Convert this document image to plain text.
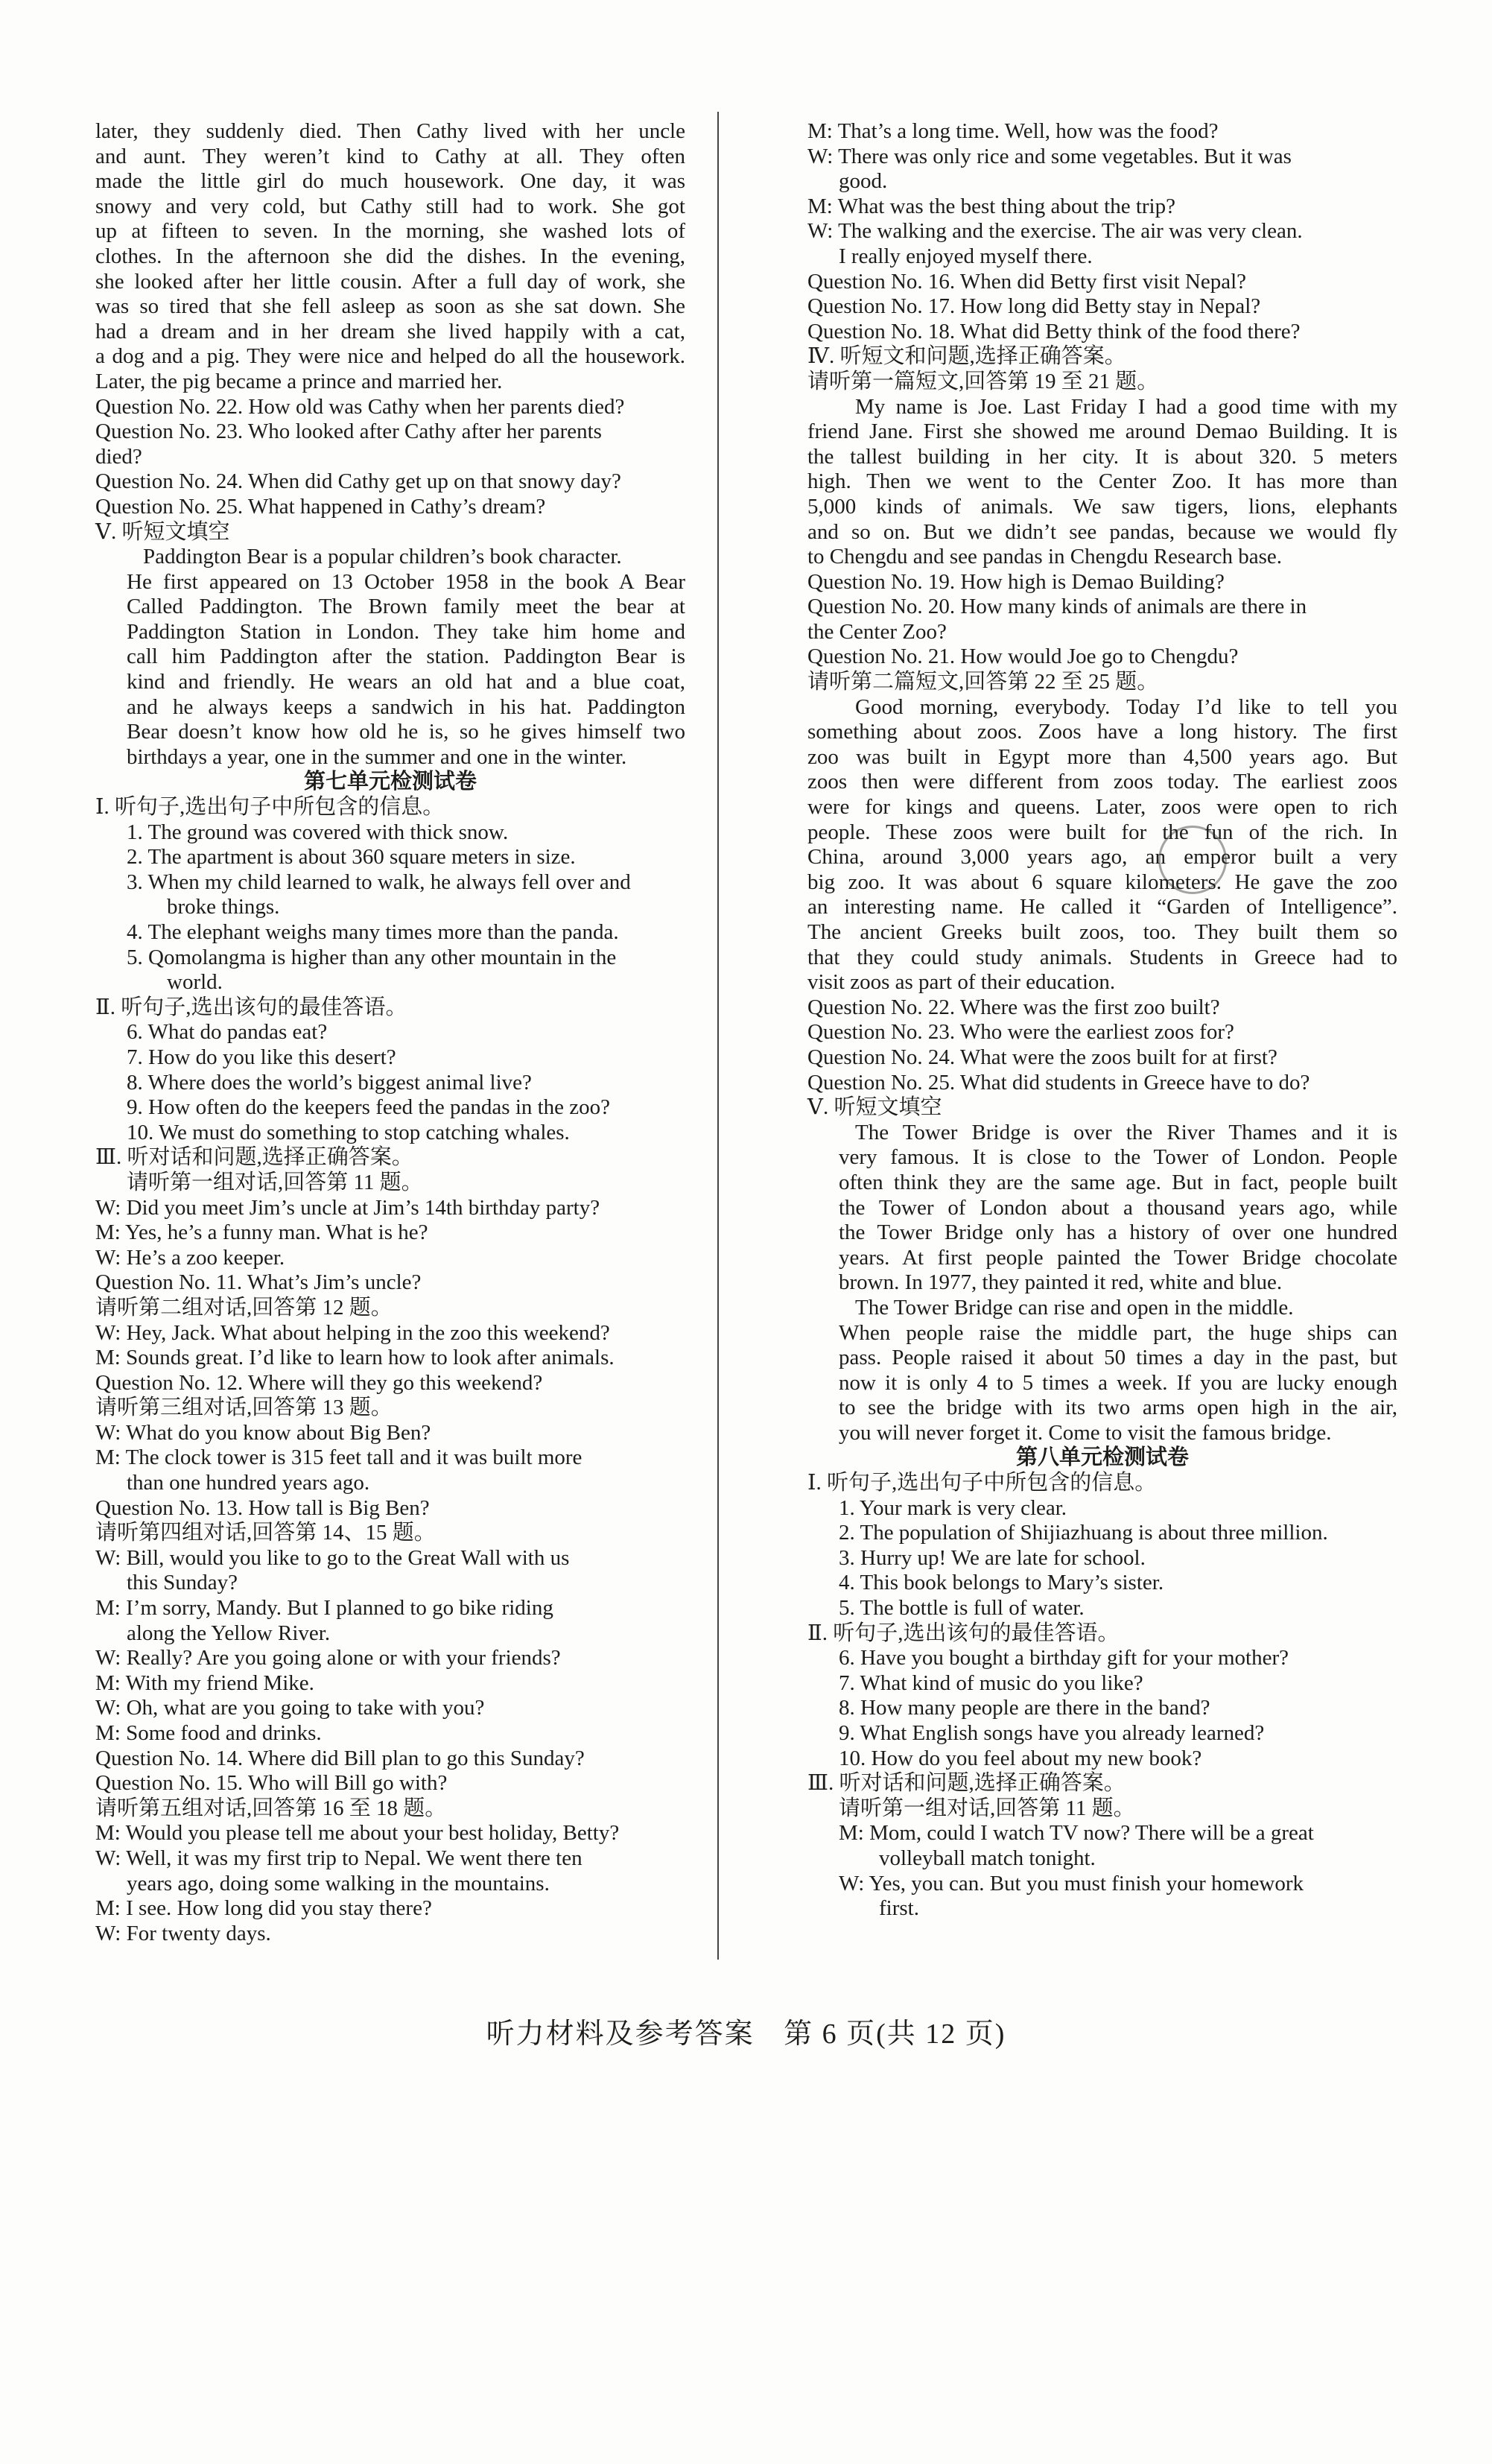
later, they suddenly died. Then Cathy lived with her uncle

and aunt. They weren’t kind to Cathy at all. They often

made the little girl do much housework. One day, it was

snowy and very cold, but Cathy still had to work. She got

up at fifteen to seven. In the morning, she washed lots of

clothes. In the afternoon she did the dishes. In the evening,

she looked after her little cousin. After a full day of work, she

was so tired that she fell asleep as soon as she sat down. She

had a dream and in her dream she lived happily with a cat,

a dog and a pig. They were nice and helped do all the housework.

Later, the pig became a prince and married her.

Question No. 22. How old was Cathy when her parents died?

Question No. 23. Who looked after Cathy after her parents

died?

Question No. 24. When did Cathy get up on that snowy day?

Question No. 25. What happened in Cathy’s dream?

Ⅴ. 听短文填空

Paddington Bear is a popular children’s book character.

He first appeared on 13 October 1958 in the book A Bear

Called Paddington. The Brown family meet the bear at

Paddington Station in London. They take him home and

call him Paddington after the station. Paddington Bear is

kind and friendly. He wears an old hat and a blue coat,

and he always keeps a sandwich in his hat. Paddington

Bear doesn’t know how old he is, so he gives himself two

birthdays a year, one in the summer and one in the winter.

第七单元检测试卷

Ⅰ. 听句子,选出句子中所包含的信息。

1. The ground was covered with thick snow.

2. The apartment is about 360 square meters in size.

3. When my child learned to walk, he always fell over and

broke things.

4. The elephant weighs many times more than the panda.

5. Qomolangma is higher than any other mountain in the

world.

Ⅱ. 听句子,选出该句的最佳答语。

6. What do pandas eat?

7. How do you like this desert?

8. Where does the world’s biggest animal live?

9. How often do the keepers feed the pandas in the zoo?

10. We must do something to stop catching whales.

Ⅲ. 听对话和问题,选择正确答案。

请听第一组对话,回答第 11 题。

W: Did you meet Jim’s uncle at Jim’s 14th birthday party?

M: Yes, he’s a funny man. What is he?

W: He’s a zoo keeper.

Question No. 11. What’s Jim’s uncle?

请听第二组对话,回答第 12 题。

W: Hey, Jack. What about helping in the zoo this weekend?

M: Sounds great. I’d like to learn how to look after animals.

Question No. 12. Where will they go this weekend?

请听第三组对话,回答第 13 题。

W: What do you know about Big Ben?

M: The clock tower is 315 feet tall and it was built more

than one hundred years ago.

Question No. 13. How tall is Big Ben?

请听第四组对话,回答第 14、15 题。

W: Bill, would you like to go to the Great Wall with us

this Sunday?

M: I’m sorry, Mandy. But I planned to go bike riding

along the Yellow River.

W: Really? Are you going alone or with your friends?

M: With my friend Mike.

W: Oh, what are you going to take with you?

M: Some food and drinks.

Question No. 14. Where did Bill plan to go this Sunday?

Question No. 15. Who will Bill go with?

请听第五组对话,回答第 16 至 18 题。

M: Would you please tell me about your best holiday, Betty?

W: Well, it was my first trip to Nepal. We went there ten

years ago, doing some walking in the mountains.

M: I see. How long did you stay there?

W: For twenty days.

M: That’s a long time. Well, how was the food?

W: There was only rice and some vegetables. But it was

good.

M: What was the best thing about the trip?

W: The walking and the exercise. The air was very clean.

I really enjoyed myself there.

Question No. 16. When did Betty first visit Nepal?

Question No. 17. How long did Betty stay in Nepal?

Question No. 18. What did Betty think of the food there?

Ⅳ. 听短文和问题,选择正确答案。

请听第一篇短文,回答第 19 至 21 题。

My name is Joe. Last Friday I had a good time with my

friend Jane. First she showed me around Demao Building. It is

the tallest building in her city. It is about 320. 5 meters

high. Then we went to the Center Zoo. It has more than

5,000 kinds of animals. We saw tigers, lions, elephants

and so on. But we didn’t see pandas, because we would fly

to Chengdu and see pandas in Chengdu Research base.

Question No. 19. How high is Demao Building?

Question No. 20. How many kinds of animals are there in

the Center Zoo?

Question No. 21. How would Joe go to Chengdu?

请听第二篇短文,回答第 22 至 25 题。

Good morning, everybody. Today I’d like to tell you

something about zoos. Zoos have a long history. The first

zoo was built in Egypt more than 4,500 years ago. But

zoos then were different from zoos today. The earliest zoos

were for kings and queens. Later, zoos were open to rich

people. These zoos were built for the fun of the rich. In

China, around 3,000 years ago, an emperor built a very

big zoo. It was about 6 square kilometers. He gave the zoo

an interesting name. He called it “Garden of Intelligence”.

The ancient Greeks built zoos, too. They built them so

that they could study animals. Students in Greece had to

visit zoos as part of their education.

Question No. 22. Where was the first zoo built?

Question No. 23. Who were the earliest zoos for?

Question No. 24. What were the zoos built for at first?

Question No. 25. What did students in Greece have to do?

Ⅴ. 听短文填空

The Tower Bridge is over the River Thames and it is

very famous. It is close to the Tower of London. People

often think they are the same age. But in fact, people built

the Tower of London about a thousand years ago, while

the Tower Bridge only has a history of over one hundred

years. At first people painted the Tower Bridge chocolate

brown. In 1977, they painted it red, white and blue.

The Tower Bridge can rise and open in the middle.

When people raise the middle part, the huge ships can

pass. People raised it about 50 times a day in the past, but

now it is only 4 to 5 times a week. If you are lucky enough

to see the bridge with its two arms open high in the air,

you will never forget it. Come to visit the famous bridge.

第八单元检测试卷

Ⅰ. 听句子,选出句子中所包含的信息。

1. Your mark is very clear.

2. The population of Shijiazhuang is about three million.

3. Hurry up! We are late for school.

4. This book belongs to Mary’s sister.

5. The bottle is full of water.

Ⅱ. 听句子,选出该句的最佳答语。

6. Have you bought a birthday gift for your mother?

7. What kind of music do you like?

8. How many people are there in the band?

9. What English songs have you already learned?

10. How do you feel about my new book?

Ⅲ. 听对话和问题,选择正确答案。

请听第一组对话,回答第 11 题。

M: Mom, could I watch TV now? There will be a great

volleyball match tonight.

W: Yes, you can. But you must finish your homework

first.

听力材料及参考答案 第 6 页(共 12 页)
